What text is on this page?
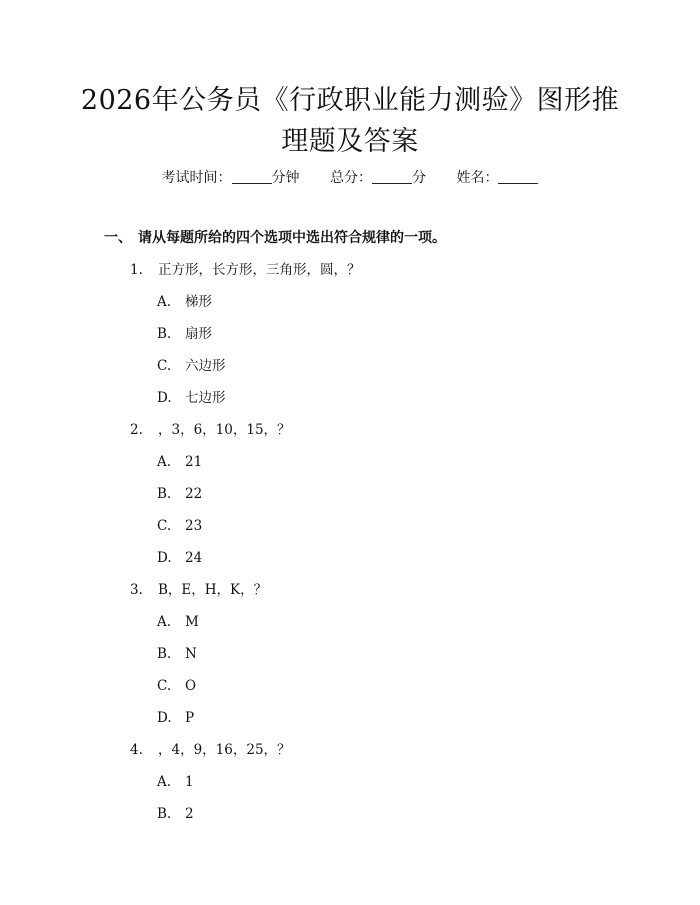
2026年公务员《行政职业能力测验》图形推理题及答案
考试时间：	分钟 总分：	分 姓名：
一、 请从每题所给的四个选项中选出符合规律的一项。
1. 正方形，长方形，三角形，圆，？
A. 梯形
B. 扇形
C. 六边形
D. 七边形
2. ，3，6，10，15，？
A. 21
B. 22
C. 23
D. 24
3. B，E，H，K，？
A. M
B. N
C. O
D. P
4. ，4，9，16，25，？
A. 1
B. 2
